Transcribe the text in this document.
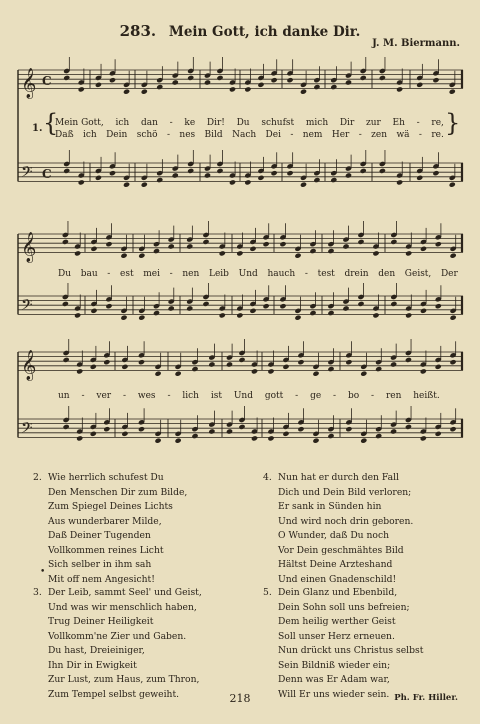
283. Mein Gott, ich danke Dir.
J. M. Biermann.
𝄞 C
𝄢 C
𝄞
𝄢
𝄞
𝄢
Mein Gott, ich dan - ke Dir! Du schufst mich Dir zur Eh - re,
Daß ich Dein schö - nes Bild Nach Dei - nem Her - zen wä - re.
Du bau - est mei - nen Leib Und hauch - test drein den Geist, Der
un - ver - wes - lich ist Und gott - ge - bo - ren heißt.
1. {	}
2. Wie herrlich schufest Du
Den Menschen Dir zum Bilde,
Zum Spiegel Deines Lichts
Aus wunderbarer Milde,
Daß Deiner Tugenden
Vollkommen reines Licht
Sich selber in ihm sah
Mit off nem Angesicht!
•
3. Der Leib, sammt Seel' und Geist,
Und was wir menschlich haben,
Trug Deiner Heiligkeit
Vollkomm'ne Zier und Gaben.
Du hast, Dreieiniger,
Ihn Dir in Ewigkeit
Zur Lust, zum Haus, zum Thron,
Zum Tempel selbst geweiht.
4. Nun hat er durch den Fall
Dich und Dein Bild verloren;
Er sank in Sünden hin
Und wird noch drin geboren.
O Wunder, daß Du noch
Vor Dein geschmähtes Bild
Hältst Deine Arzteshand
Und einen Gnadenschild!
5. Dein Glanz und Ebenbild,
Dein Sohn soll uns befreien;
Dem heilig werther Geist
Soll unser Herz erneuen.
Nun drückt uns Christus selbst
Sein Bildniß wieder ein;
Denn was Er Adam war,
Will Er uns wieder sein.
218	Ph. Fr. Hiller.
